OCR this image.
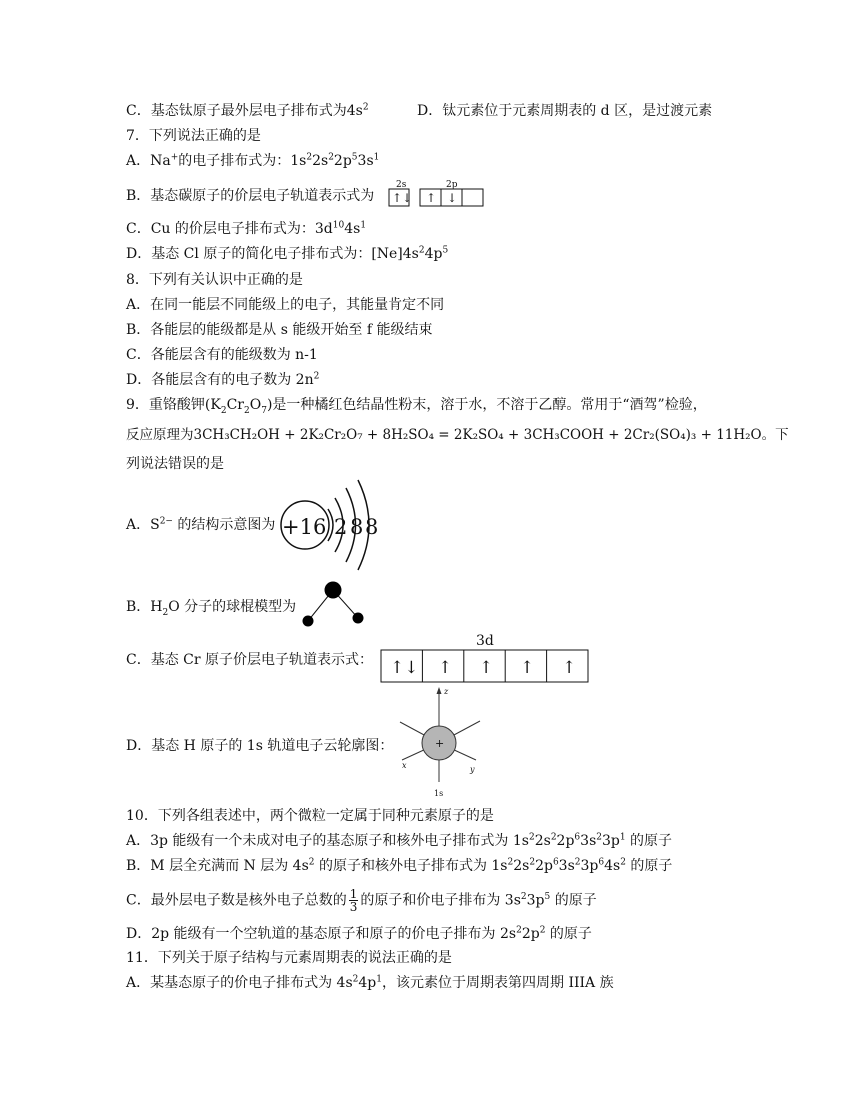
C．基态钛原子最外层电子排布式为$4s^2$	D．钛元素位于元素周期表的 d 区，是过渡元素
7．下列说法正确的是
A．Na+的电子排布式为：$1s^22s^22p^53s^1$
B．基态碳原子的价层电子轨道表示式为
2s	2p
↑↓ ↑ ↓
C．Cu 的价层电子排布式为：$3d^{10}4s^1$
D．基态 Cl 原子的简化电子排布式为：$[Ne]4s^24p^5$
8．下列有关认识中正确的是
A．在同一能层不同能级上的电子，其能量肯定不同
B．各能层的能级都是从 s 能级开始至 f 能级结束
C．各能层含有的能级数为 n-1
D．各能层含有的电子数为 $2n^2$
9．重铬酸钾$(K_2Cr_2O_7)$是一种橘红色结晶性粉末，溶于水，不溶于乙醇。常用于“酒驾”检验，
反应原理为3CH₃CH₂OH + 2K₂Cr₂O₇ + 8H₂SO₄ = 2K₂SO₄ + 3CH₃COOH + 2Cr₂(SO₄)₃ + 11H₂O。下
列说法错误的是
A．$S^{2-}$ 的结构示意图为 +16 2 8 8
B．$H_2O$ 分子的球棍模型为
C．基态 Cr 原子价层电子轨道表示式：
3d
↑↓ ↑ ↑ ↑ ↑
D．基态 H 原子的 1s 轨道电子云轮廓图：	+
z
x	y
1s
10．下列各组表述中，两个微粒一定属于同种元素原子的是
A．3p 能级有一个未成对电子的基态原子和核外电子排布式为 $1s^22s^22p^63s^23p^1$ 的原子
B．M 层全充满而 N 层为 $4s^2$ 的原子和核外电子排布式为 $1s^22s^22p^63s^23p^64s^2$ 的原子
C．最外层电子数是核外电子总数的 $\frac{1}{3}$ 的原子和价电子排布为 $3s^23p^5$ 的原子
D．2p 能级有一个空轨道的基态原子和原子的价电子排布为 $2s^22p^2$ 的原子
11．下列关于原子结构与元素周期表的说法正确的是
A．某基态原子的价电子排布式为 $4s^24p^1$，该元素位于周期表第四周期 IIIA 族
